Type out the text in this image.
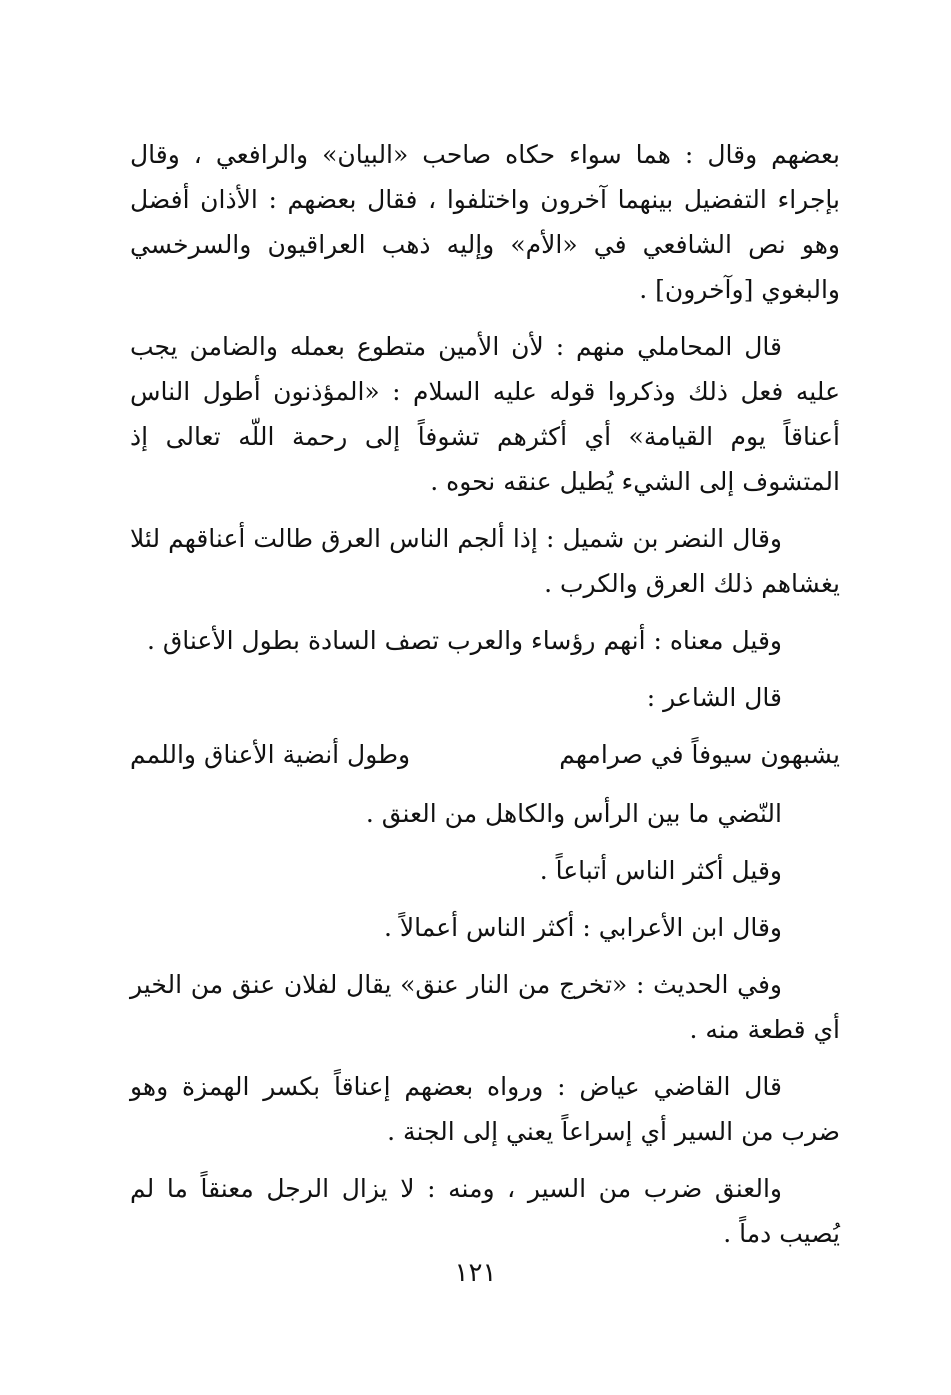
بعضهم وقال : هما سواء حكاه صاحب «البيان» والرافعي ، وقال بإجراء التفضيل بينهما آخرون واختلفوا ، فقال بعضهم : الأذان أفضل وهو نص الشافعي في «الأم» وإليه ذهب العراقيون والسرخسي والبغوي [وآخرون] .

قال المحاملي منهم : لأن الأمين متطوع بعمله والضامن يجب عليه فعل ذلك وذكروا قوله عليه السلام : «المؤذنون أطول الناس أعناقاً يوم القيامة» أي أكثرهم تشوفاً إلى رحمة اللّه تعالى إذ المتشوف إلى الشيء يُطيل عنقه نحوه .

وقال النضر بن شميل : إذا ألجم الناس العرق طالت أعناقهم لئلا يغشاهم ذلك العرق والكرب .

وقيل معناه : أنهم رؤساء والعرب تصف السادة بطول الأعناق .

قال الشاعر :

يشبهون سيوفاً في صرامهم
وطول أنضية الأعناق واللمم

النّضي ما بين الرأس والكاهل من العنق .

وقيل أكثر الناس أتباعاً .

وقال ابن الأعرابي : أكثر الناس أعمالاً .

وفي الحديث : «تخرج من النار عنق» يقال لفلان عنق من الخير أي قطعة منه .

قال القاضي عياض : ورواه بعضهم إعناقاً بكسر الهمزة وهو ضرب من السير أي إسراعاً يعني إلى الجنة .

والعنق ضرب من السير ، ومنه : لا يزال الرجل معنقاً ما لم يُصيب دماً .

١٢١
